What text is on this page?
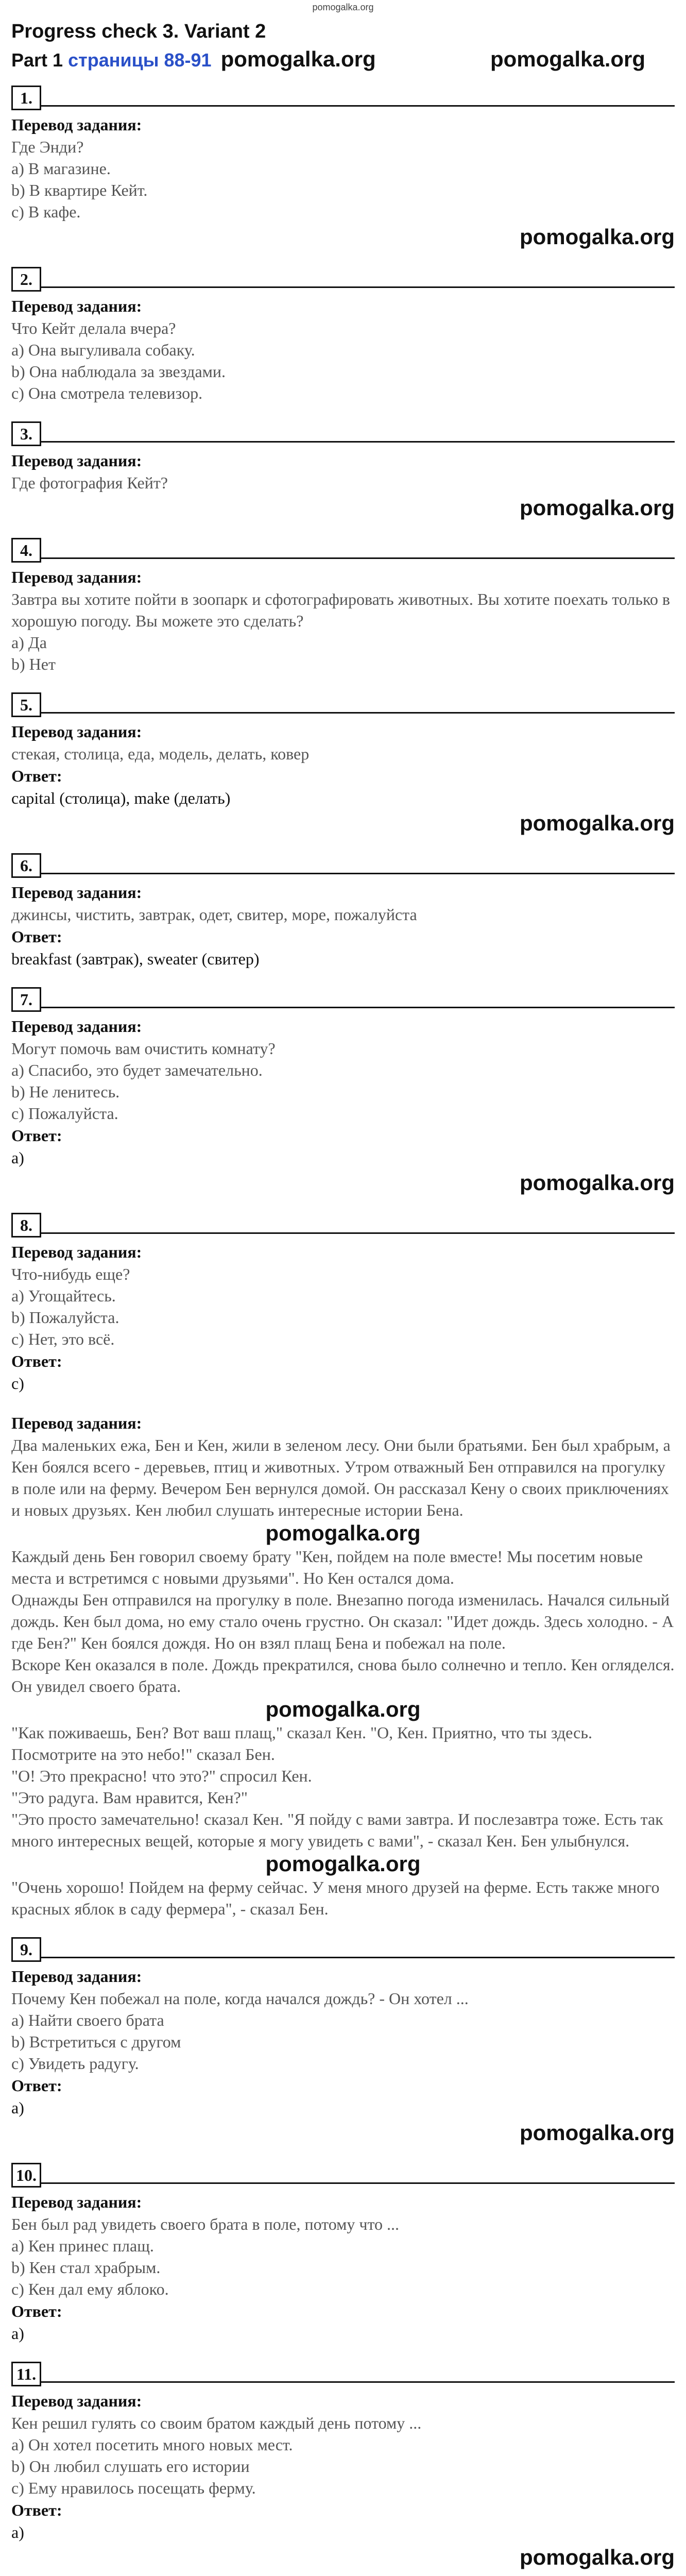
pomogalka.org
Progress check 3. Variant 2
Part 1 страницы 88-91 pomogalka.org	pomogalka.org
1.
Перевод задания:
Где Энди?
a) В магазине.
b) В квартире Кейт.
c) В кафе.
pomogalka.org
2.
Перевод задания:
Что Кейт делала вчера?
a) Она выгуливала собаку.
b) Она наблюдала за звездами.
c) Она смотрела телевизор.
3.
Перевод задания:
Где фотография Кейт?
pomogalka.org
4.
Перевод задания:
Завтра вы хотите пойти в зоопарк и сфотографировать животных. Вы хотите поехать только в хорошую погоду. Вы можете это сделать?
a) Да
b) Нет
5.
Перевод задания:
стекая, столица, еда, модель, делать, ковер
Ответ:
capital (столица), make (делать)
pomogalka.org
6.
Перевод задания:
джинсы, чистить, завтрак, одет, свитер, море, пожалуйста
Ответ:
breakfast (завтрак), sweater (свитер)
7.
Перевод задания:
Могут помочь вам очистить комнату?
a) Спасибо, это будет замечательно.
b) Не ленитесь.
c) Пожалуйста.
Ответ:
a)
pomogalka.org
8.
Перевод задания:
Что-нибудь еще?
a) Угощайтесь.
b) Пожалуйста.
c) Нет, это всё.
Ответ:
c)
Перевод задания:
Два маленьких ежа, Бен и Кен, жили в зеленом лесу. Они были братьями. Бен был храбрым, а Кен боялся всего - деревьев, птиц и животных. Утром отважный Бен отправился на прогулку в поле или на ферму. Вечером Бен вернулся домой. Он рассказал Кену о своих приключениях и новых друзьях. Кен любил слушать интересные истории Бена.
pomogalka.org
Каждый день Бен говорил своему брату "Кен, пойдем на поле вместе! Мы посетим новые места и встретимся с новыми друзьями". Но Кен остался дома.
Однажды Бен отправился на прогулку в поле. Внезапно погода изменилась. Начался сильный дождь. Кен был дома, но ему стало очень грустно. Он сказал: "Идет дождь. Здесь холодно. - А где Бен?" Кен боялся дождя. Но он взял плащ Бена и побежал на поле.
Вскоре Кен оказался в поле. Дождь прекратился, снова было солнечно и тепло. Кен огляделся. Он увидел своего брата.
pomogalka.org
"Как поживаешь, Бен? Вот ваш плащ," сказал Кен. "О, Кен. Приятно, что ты здесь. Посмотрите на это небо!" сказал Бен.
"О! Это прекрасно! что это?" спросил Кен.
"Это радуга. Вам нравится, Кен?"
"Это просто замечательно! сказал Кен. "Я пойду с вами завтра. И послезавтра тоже. Есть так много интересных вещей, которые я могу увидеть с вами", - сказал Кен. Бен улыбнулся.
pomogalka.org
"Очень хорошо! Пойдем на ферму сейчас. У меня много друзей на ферме. Есть также много красных яблок в саду фермера", - сказал Бен.
9.
Перевод задания:
Почему Кен побежал на поле, когда начался дождь? - Он хотел ...
a) Найти своего брата
b) Встретиться с другом
c) Увидеть радугу.
Ответ:
a)
pomogalka.org
10.
Перевод задания:
Бен был рад увидеть своего брата в поле, потому что ...
a) Кен принес плащ.
b) Кен стал храбрым.
c) Кен дал ему яблоко.
Ответ:
a)
11.
Перевод задания:
Кен решил гулять со своим братом каждый день потому ...
a) Он хотел посетить много новых мест.
b) Он любил слушать его истории
c) Ему нравилось посещать ферму.
Ответ:
a)
pomogalka.org
